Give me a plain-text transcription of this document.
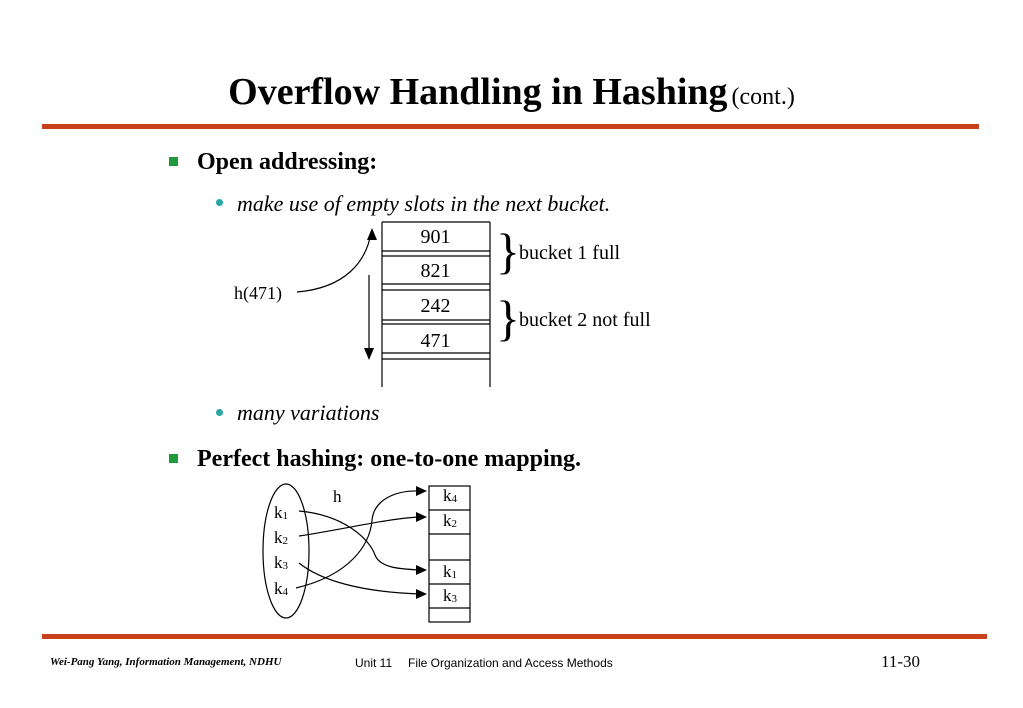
Overflow Handling in Hashing (cont.)
Open addressing:
make use of empty slots in the next bucket.
901
821
242
471
h(471)
} bucket 1 full
} bucket 2 not full
many variations
Perfect hashing: one-to-one mapping.
h
$k_1$
$k_2$
$k_3$
$k_4$
$k_4$
$k_2$
$k_1$
$k_3$
Wei-Pang Yang, Information Management, NDHU	Unit 11 File Organization and Access Methods	11-30
